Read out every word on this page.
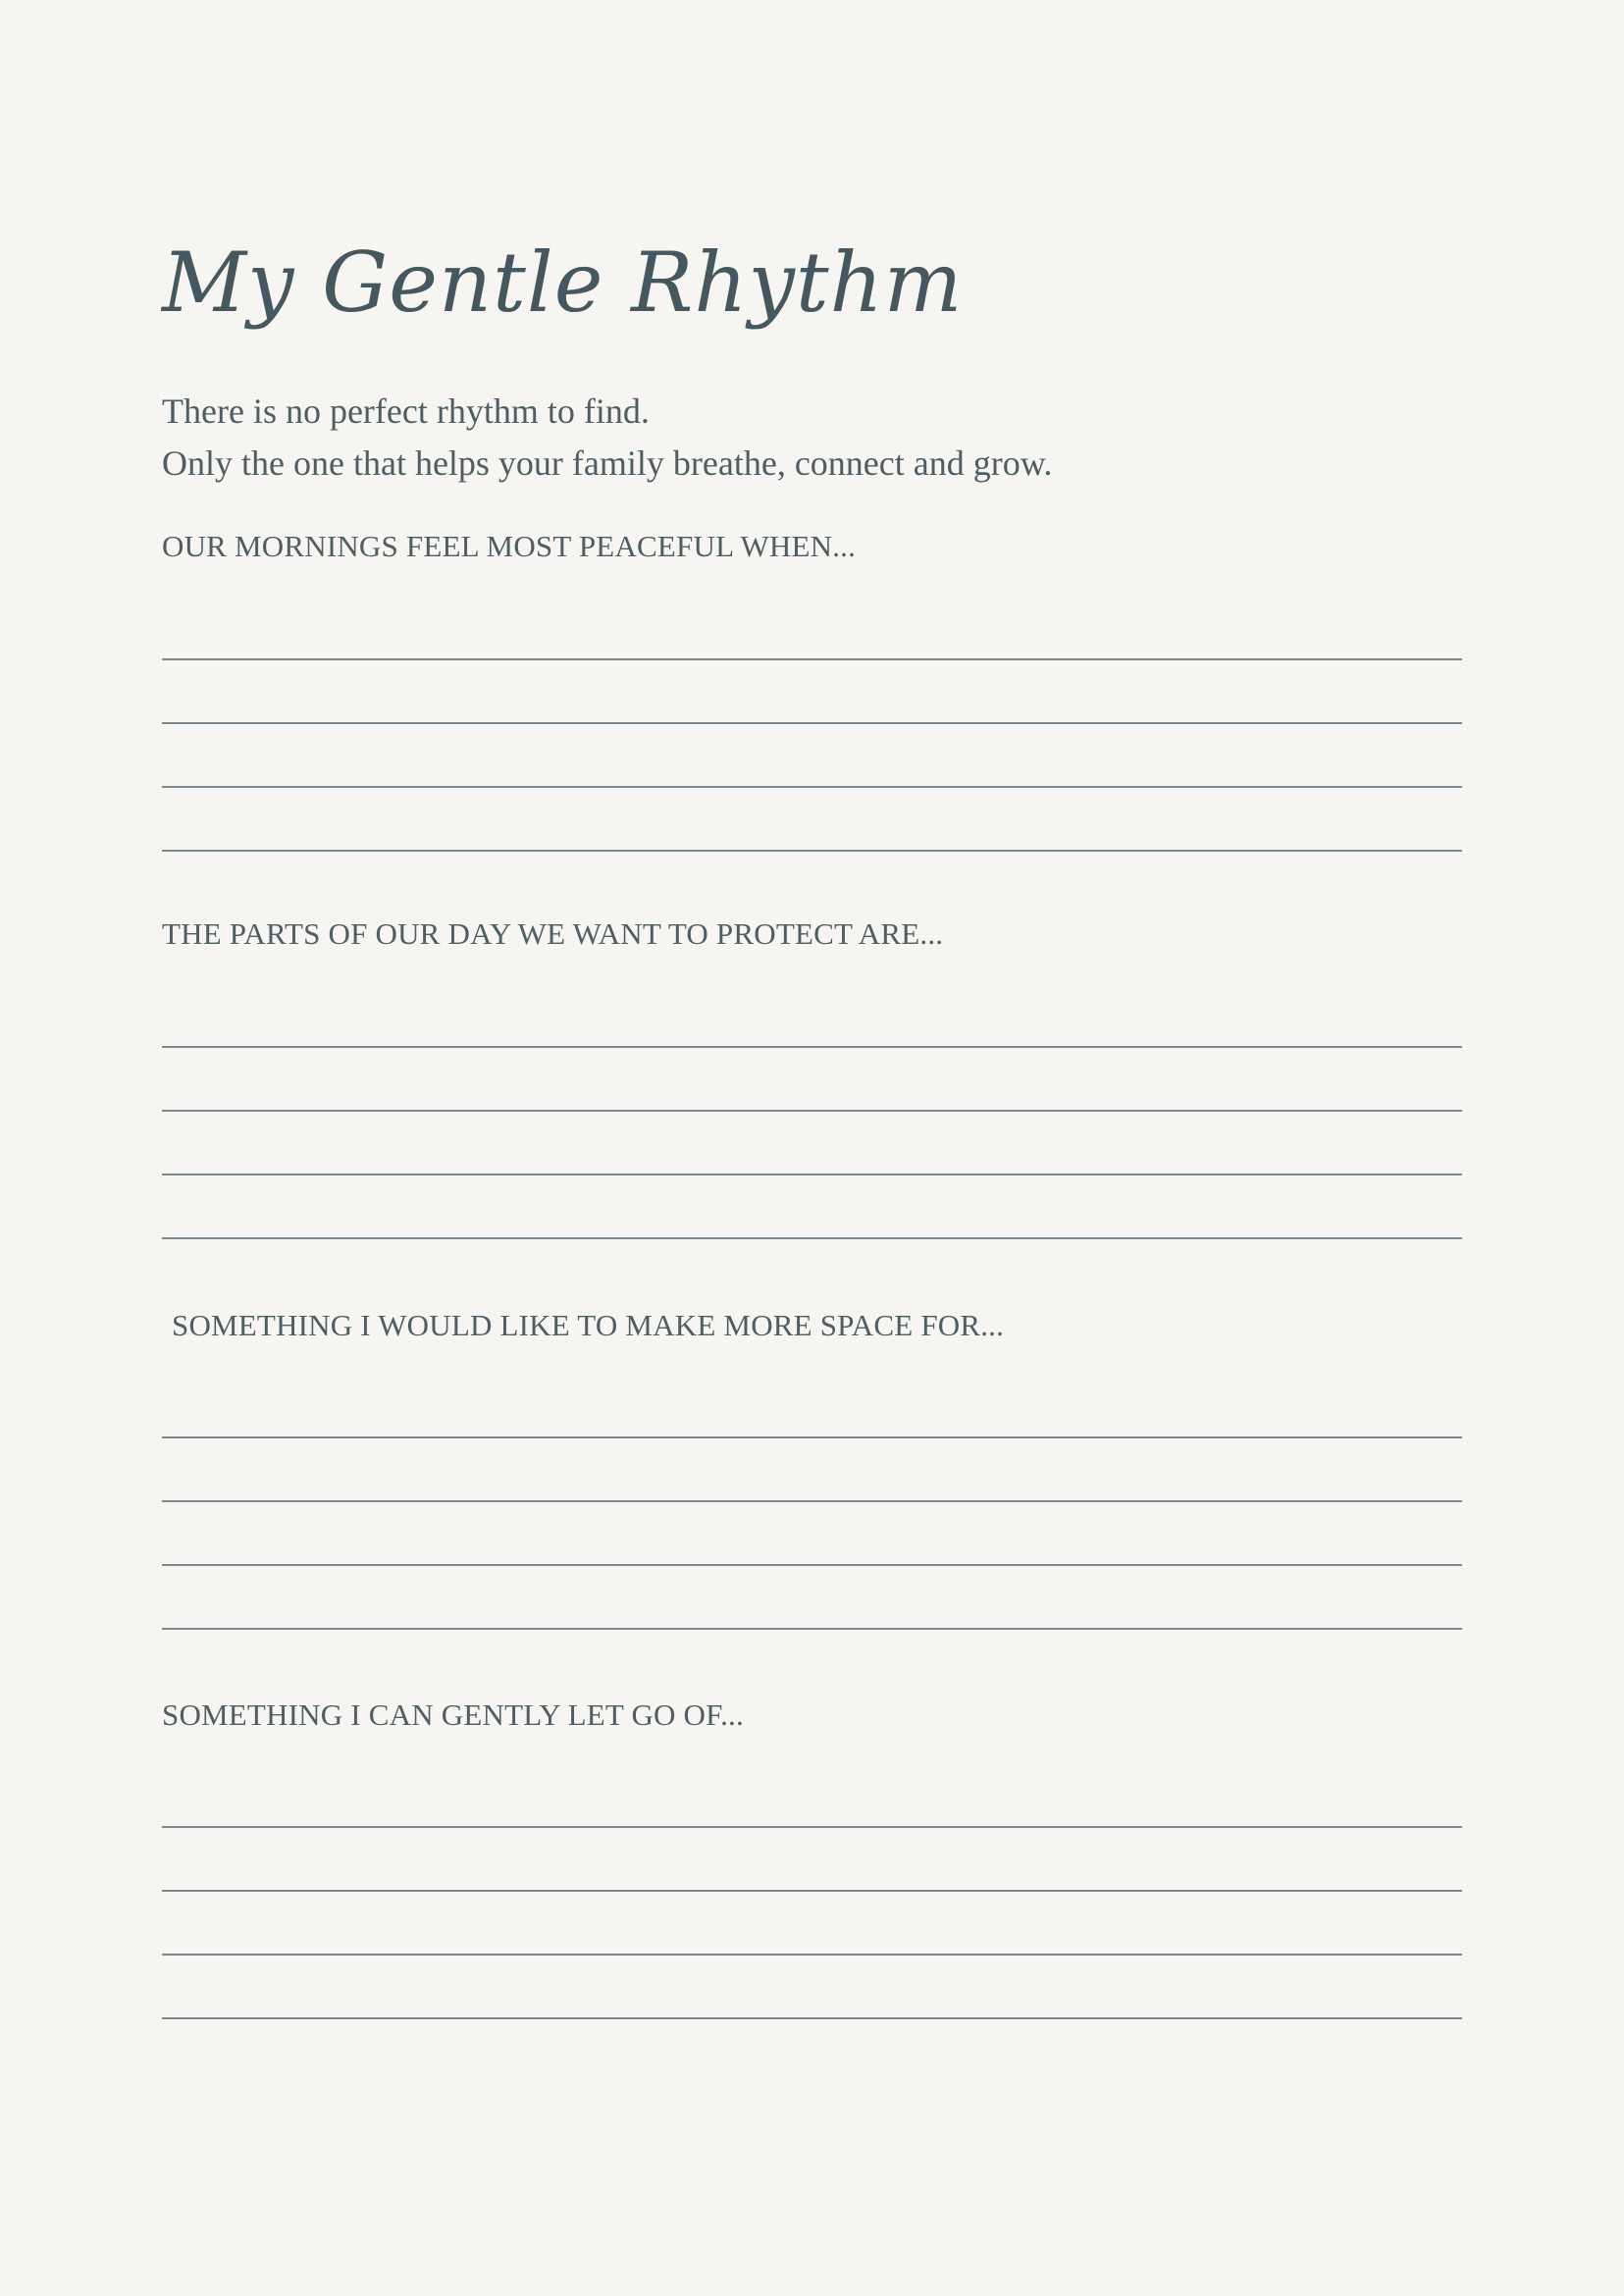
My Gentle Rhythm
There is no perfect rhythm to find.
Only the one that helps your family breathe, connect and grow.
OUR MORNINGS FEEL MOST PEACEFUL WHEN...
THE PARTS OF OUR DAY WE WANT TO PROTECT ARE...
SOMETHING I WOULD LIKE TO MAKE MORE SPACE FOR...
SOMETHING I CAN GENTLY LET GO OF...
